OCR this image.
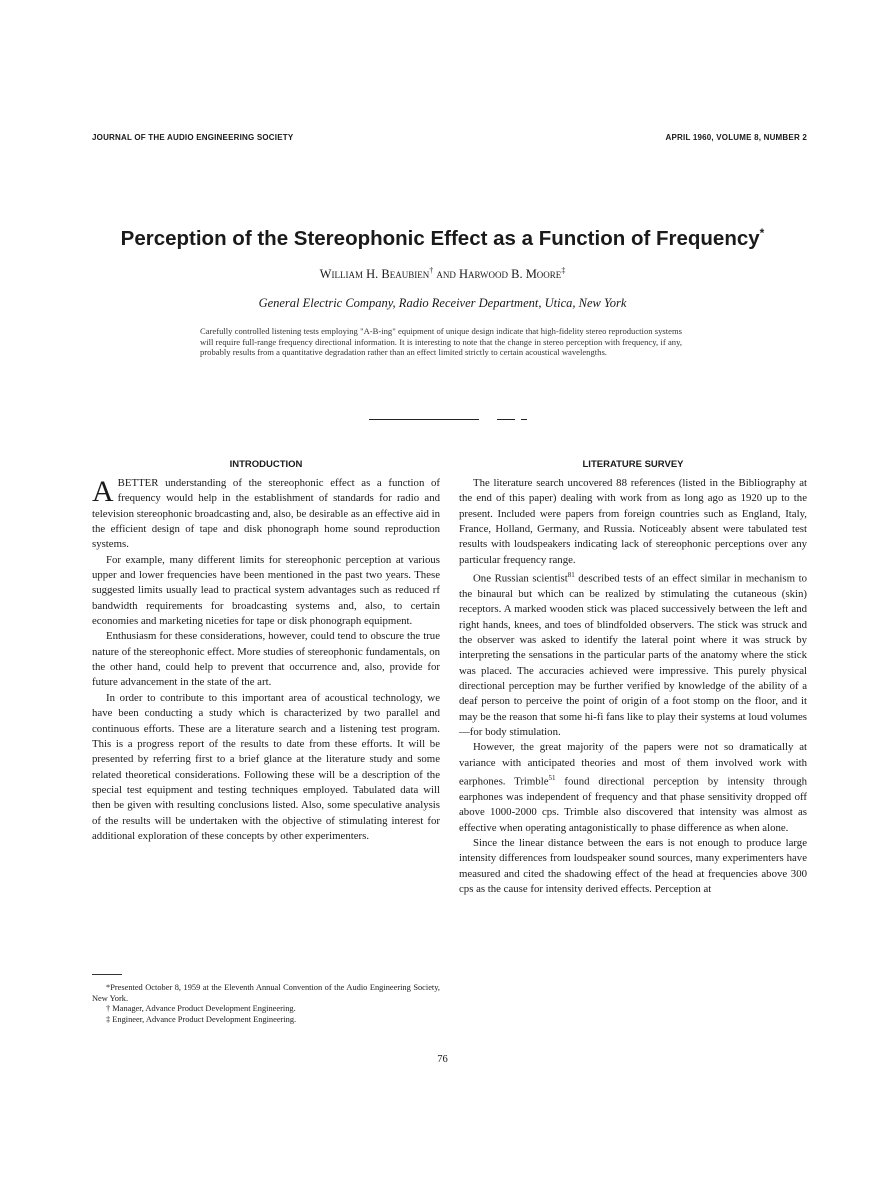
JOURNAL OF THE AUDIO ENGINEERING SOCIETY	APRIL 1960, VOLUME 8, NUMBER 2
Perception of the Stereophonic Effect as a Function of Frequency*
William H. Beaubien† and Harwood B. Moore‡
General Electric Company, Radio Receiver Department, Utica, New York
Carefully controlled listening tests employing "A-B-ing" equipment of unique design indicate that high-fidelity stereo reproduction systems will require full-range frequency directional information. It is interesting to note that the change in stereo perception with frequency, if any, probably results from a quantitative degradation rather than an effect limited strictly to certain acoustical wavelengths.
INTRODUCTION	LITERATURE SURVEY

ABETTER understanding of the stereophonic effect as a function of frequency would help in the establishment of standards for radio and television stereophonic broadcasting and, also, be desirable as an effective aid in the efficient design of tape and disk phonograph home sound reproduction systems.

For example, many different limits for stereophonic perception at various upper and lower frequencies have been mentioned in the past two years. These suggested limits usually lead to practical system advantages such as reduced rf bandwidth requirements for broadcasting systems and, also, to certain economies and marketing niceties for tape or disk phonograph equipment.

Enthusiasm for these considerations, however, could tend to obscure the true nature of the stereophonic effect. More studies of stereophonic fundamentals, on the other hand, could help to prevent that occurrence and, also, provide for future advancement in the state of the art.

In order to contribute to this important area of acoustical technology, we have been conducting a study which is characterized by two parallel and continuous efforts. These are a literature search and a listening test program. This is a progress report of the results to date from these efforts. It will be presented by referring first to a brief glance at the literature study and some related theoretical considerations. Following these will be a description of the special test equipment and testing techniques employed. Tabulated data will then be given with resulting conclusions listed. Also, some speculative analysis of the results will be undertaken with the objective of stimulating interest for additional exploration of these concepts by other experimenters.

The literature search uncovered 88 references (listed in the Bibliography at the end of this paper) dealing with work from as long ago as 1920 up to the present. Included were papers from foreign countries such as England, Italy, France, Holland, Germany, and Russia. Noticeably absent were tabulated test results with loudspeakers indicating lack of stereophonic perceptions over any particular frequency range.

One Russian scientist$^{81}$ described tests of an effect similar in mechanism to the binaural but which can be realized by stimulating the cutaneous (skin) receptors. A marked wooden stick was placed successively between the left and right hands, knees, and toes of blindfolded observers. The stick was struck and the observer was asked to identify the lateral point where it was struck by interpreting the sensations in the particular parts of the anatomy where the stick was placed. The accuracies achieved were impressive. This purely physical directional perception may be further verified by knowledge of the ability of a deaf person to perceive the point of origin of a foot stomp on the floor, and it may be the reason that some hi-fi fans like to play their systems at loud volumes—for body stimulation.

However, the great majority of the papers were not so dramatically at variance with anticipated theories and most of them involved work with earphones. Trimble$^{51}$ found directional perception by intensity through earphones was independent of frequency and that phase sensitivity dropped off above 1000-2000 cps. Trimble also discovered that intensity was almost as effective when operating antagonistically to phase difference as when alone.

Since the linear distance between the ears is not enough to produce large intensity differences from loudspeaker sound sources, many experimenters have measured and cited the shadowing effect of the head at frequencies above 300 cps as the cause for intensity derived effects. Perception at

*Presented October 8, 1959 at the Eleventh Annual Convention of the Audio Engineering Society, New York.

† Manager, Advance Product Development Engineering.

‡ Engineer, Advance Product Development Engineering.

76
